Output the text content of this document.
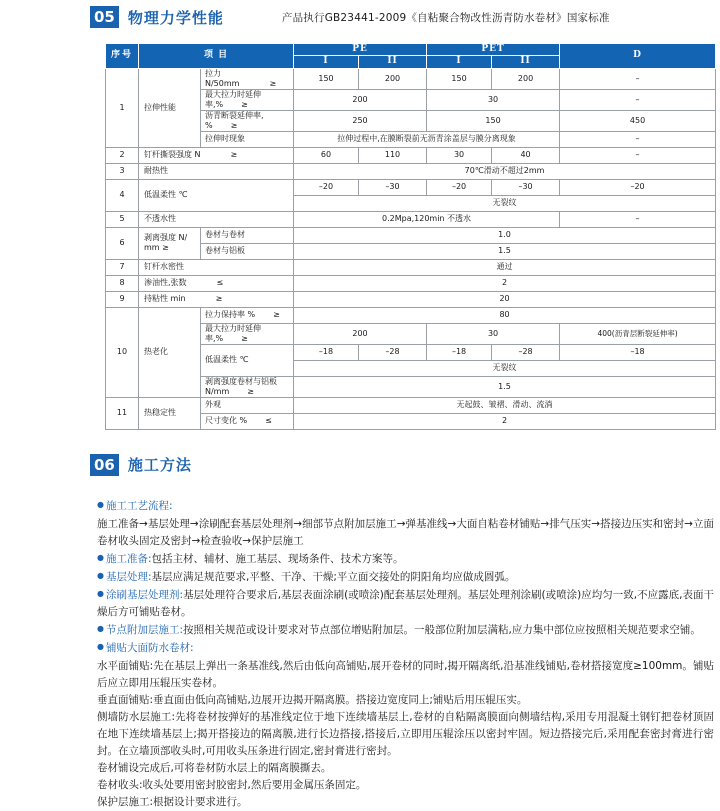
05 物理力学性能	产品执行GB23441-2009《自粘聚合物改性沥青防水卷材》国家标准
序号	项 目		PE		PET		D
			I	II	I	II	
1	拉伸性能	拉力 N/50mm ≥	150	200	150	200	–
		最大拉力时延伸率,% ≥	200		30		–
		沥青断裂延伸率, % ≥	250		150		450
		拉伸时现象	拉伸过程中,在膜断裂前无沥青涂盖层与膜分离现象				–
2	钉杆撕裂强度 N ≥		60	110	30	40	–
3	耐热性		70℃滑动不超过2mm				
4	低温柔性 ℃		–20	–30	–20	–30	–20
			无裂纹				
5	不透水性		0.2Mpa,120min 不透水				–
6	剥离强度 N/ mm ≥	卷材与卷材	1.0				
		卷材与铝板	1.5				
7	钉杆水密性		通过				
8	渗油性,张数 ≤		2				
9	持粘性 min ≥		20				
10	热老化	拉力保持率 % ≥	80				
		最大拉力时延伸率,% ≥	200		30		400(沥青层断裂延伸率)
		低温柔性 ℃	–18	–28	–18	–28	–18
			无裂纹				
		剥离强度卷材与铝板 N/mm ≥	1.5				
11	热稳定性	外观	无起鼓、皱褶、滑动、流淌				
		尺寸变化 % ≤	2				
06 施工方法

● 施工工艺流程:

施工准备→基层处理→涂刷配套基层处理剂→细部节点附加层施工→弹基准线→大面自粘卷材铺贴→排气压实→搭接边压实和密封→立面卷材收头固定及密封→检查验收→保护层施工

● 施工准备:包括主材、辅材、施工基层、现场条件、技术方案等。

● 基层处理:基层应满足规范要求,平整、干净、干燥;平立面交接处的阴阳角均应做成圆弧。

● 涂刷基层处理剂:基层处理符合要求后,基层表面涂刷(或喷涂)配套基层处理剂。基层处理剂涂刷(或喷涂)应均匀一致,不应露底,表面干燥后方可铺贴卷材。

● 节点附加层施工:按照相关规范或设计要求对节点部位增贴附加层。一般部位附加层满粘,应力集中部位应按照相关规范要求空铺。

● 铺贴大面防水卷材:

水平面铺贴:先在基层上弹出一条基准线,然后由低向高铺贴,展开卷材的同时,揭开隔离纸,沿基准线铺贴,卷材搭接宽度≥100mm。铺贴后应立即用压辊压实卷材。

垂直面铺贴:垂直面由低向高铺贴,边展开边揭开隔离膜。搭接边宽度同上;铺贴后用压辊压实。

侧墙防水层施工:先将卷材按弹好的基准线定位于地下连续墙基层上,卷材的自粘隔离膜面向侧墙结构,采用专用混凝土钢钉把卷材顶固在地下连续墙基层上;揭开搭接边的隔离膜,进行长边搭接,搭接后,立即用压辊涂压以密封牢固。短边搭接完后,采用配套密封膏进行密封。在立墙顶部收头时,可用收头压条进行固定,密封膏进行密封。

卷材铺设完成后,可将卷材防水层上的隔离膜撕去。

卷材收头:收头处要用密封胶密封,然后要用金属压条固定。

保护层施工:根据设计要求进行。
